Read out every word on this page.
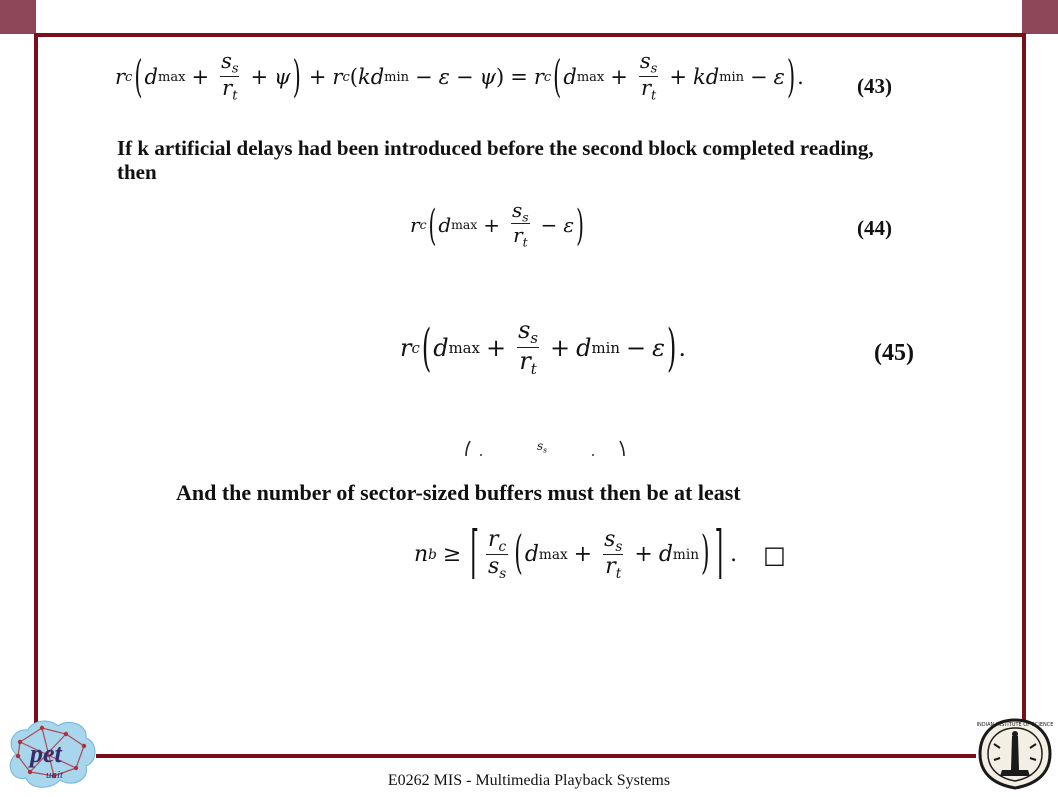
r c ( d $\max + \frac{s_s}{r_t} + \psi$ ) + r c ( k d min − ε − ψ ) = r c ( d $\max + \frac{s_s}{r_t} + k$ d min − ε ) .	(43)
If k artificial delays had been introduced before the second block completed reading, then
r c ( d $\max + \frac{s_s}{r_t} - \varepsilon$ )	(44)
r c ( d $\max + \frac{s_s}{r_t} + d$ min − ε ) .	(45)
$s_s$
And the number of sector-sized buffers must then be at least
n b ≥ ⌈ $\frac{r_c}{s_s}$ ( d $\max + \frac{s_s}{r_t} + d$ min ) ⌉ . □
pet
unit
INDIAN INSTITUTE OF SCIENCE
E0262 MIS - Multimedia Playback Systems
